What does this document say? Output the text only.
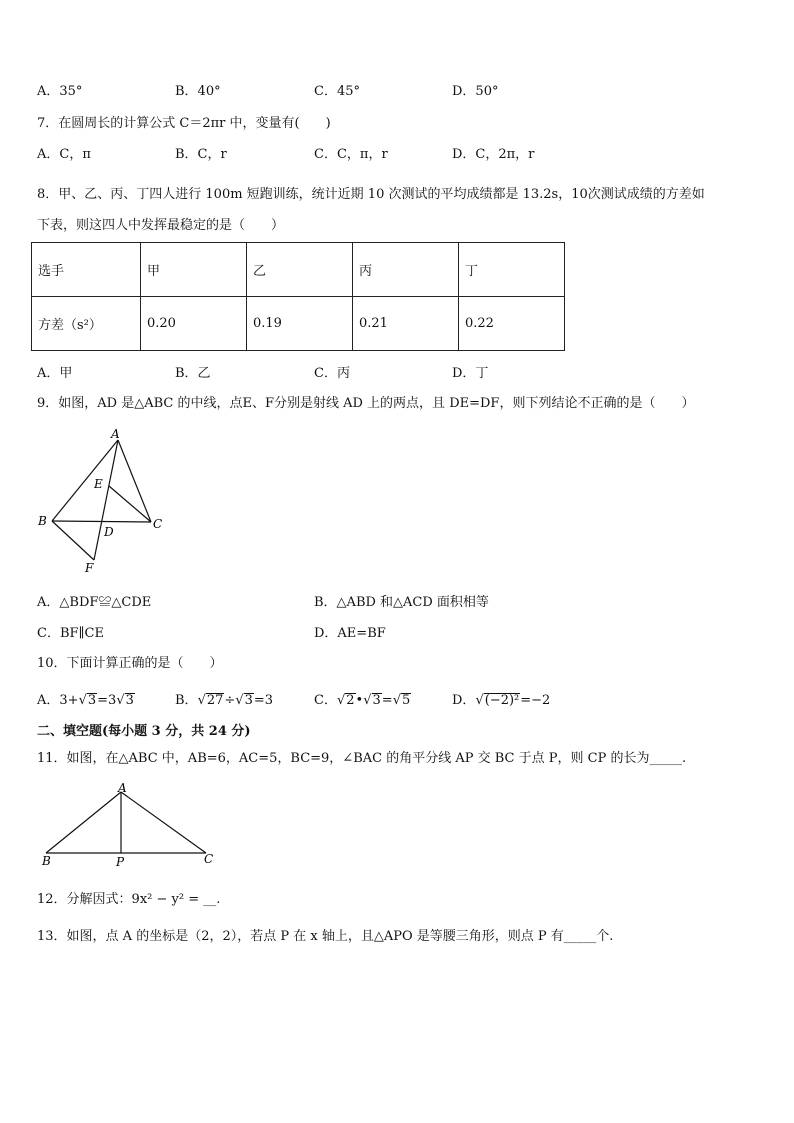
A．35°	B．40°	C．45°	D．50°
7．在圆周长的计算公式 C＝2πr 中，变量有(　　)
A．C，π	B．C，r	C．C，π，r	D．C，2π，r
8．甲、乙、丙、丁四人进行 100m 短跑训练，统计近期 10 次测试的平均成绩都是 13.2s，10次测试成绩的方差如
下表，则这四人中发挥最稳定的是（　　）
选手	甲	乙	丙	丁
方差（s²）	0.20	0.19	0.21	0.22
A．甲	B．乙	C．丙	D．丁
9．如图，AD 是△ABC 的中线，点E、F分别是射线 AD 上的两点，且 DE=DF，则下列结论不正确的是（　　）
A
E
B	C
D
F
A．△BDF≌△CDE	B．△ABD 和△ACD 面积相等
C．BF∥CE	D．AE=BF
10．下面计算正确的是（　　）
A．3+√3=3√3	B．√27÷√3=3	C．√2•√3=√5	D．√(−2)²=−2
二、填空题(每小题 3 分，共 24 分)
11．如图，在△ABC 中，AB=6，AC=5，BC=9，∠BAC 的角平分线 AP 交 BC 于点 P，则 CP 的长为_____.
A
B	P	C
12．分解因式：9x² − y² = __.
13．如图，点 A 的坐标是（2，2），若点 P 在 x 轴上，且△APO 是等腰三角形，则点 P 有_____个.
